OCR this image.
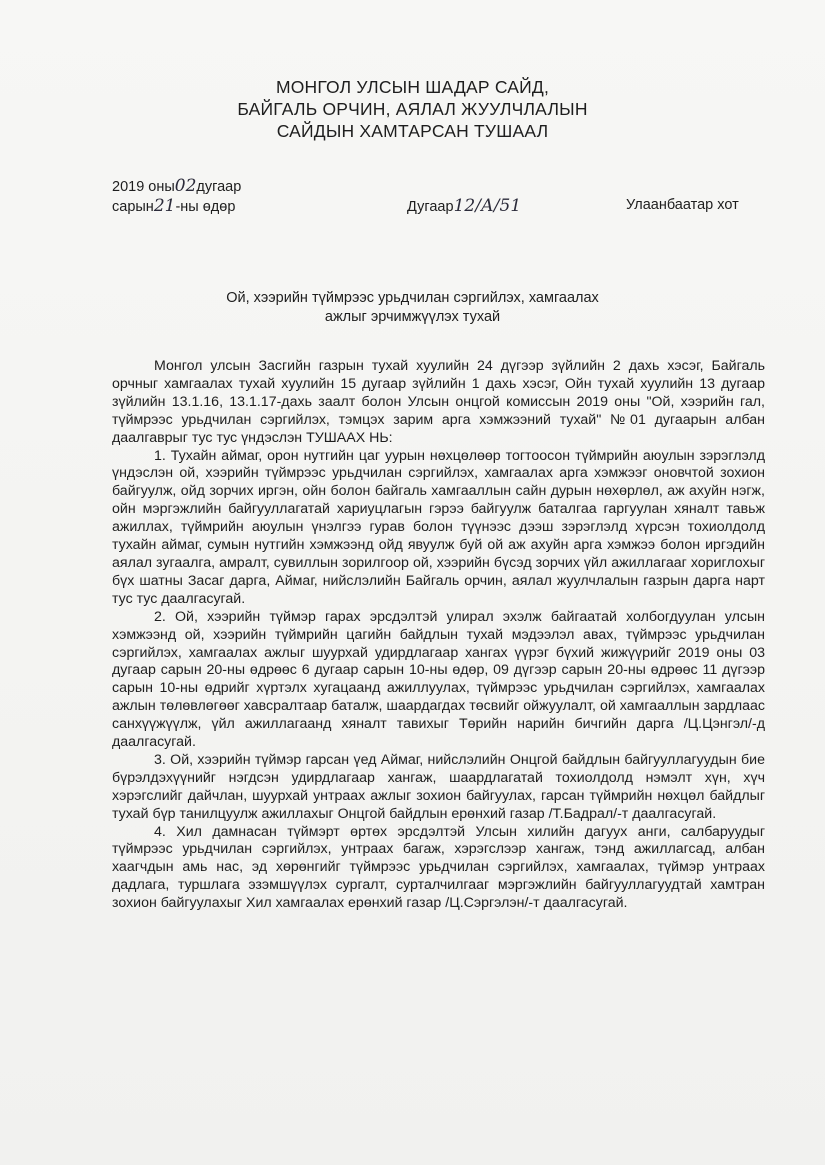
МОНГОЛ УЛСЫН ШАДАР САЙД,
БАЙГАЛЬ ОРЧИН, АЯЛАЛ ЖУУЛЧЛАЛЫН
САЙДЫН ХАМТАРСАН ТУШААЛ
2019 оны02дугаар
сарын21-ны өдөр	Дугаар12/А/51	Улаанбаатар хот
Ой, хээрийн түймрээс урьдчилан сэргийлэх, хамгаалах
ажлыг эрчимжүүлэх тухай

Монгол улсын Засгийн газрын тухай хуулийн 24 дүгээр зүйлийн 2 дахь хэсэг, Байгаль орчныг хамгаалах тухай хуулийн 15 дугаар зүйлийн 1 дахь хэсэг, Ойн тухай хуулийн 13 дугаар зүйлийн 13.1.16, 13.1.17-дахь заалт болон Улсын онцгой комиссын 2019 оны "Ой, хээрийн гал, түймрээс урьдчилан сэргийлэх, тэмцэх зарим арга хэмжээний тухай" №01 дугаарын албан даалгаврыг тус тус үндэслэн ТУШААХ НЬ:

1. Тухайн аймаг, орон нутгийн цаг уурын нөхцөлөөр тогтоосон түймрийн аюулын зэрэглэлд үндэслэн ой, хээрийн түймрээс урьдчилан сэргийлэх, хамгаалах арга хэмжээг оновчтой зохион байгуулж, ойд зорчих иргэн, ойн болон байгаль хамгааллын сайн дурын нөхөрлөл, аж ахуйн нэгж, ойн мэргэжлийн байгууллагатай хариуцлагын гэрээ байгуулж баталгаа гаргуулан хяналт тавьж ажиллах, түймрийн аюулын үнэлгээ гурав болон түүнээс дээш зэрэглэлд хүрсэн тохиолдолд тухайн аймаг, сумын нутгийн хэмжээнд ойд явуулж буй ой аж ахуйн арга хэмжээ болон иргэдийн аялал зугаалга, амралт, сувиллын зорилгоор ой, хээрийн бүсэд зорчих үйл ажиллагааг хориглохыг бүх шатны Засаг дарга, Аймаг, нийслэлийн Байгаль орчин, аялал жуулчлалын газрын дарга нарт тус тус даалгасугай.

2. Ой, хээрийн түймэр гарах эрсдэлтэй улирал эхэлж байгаатай холбогдуулан улсын хэмжээнд ой, хээрийн түймрийн цагийн байдлын тухай мэдээлэл авах, түймрээс урьдчилан сэргийлэх, хамгаалах ажлыг шуурхай удирдлагаар хангах үүрэг бүхий жижүүрийг 2019 оны 03 дугаар сарын 20-ны өдрөөс 6 дугаар сарын 10-ны өдөр, 09 дүгээр сарын 20-ны өдрөөс 11 дүгээр сарын 10-ны өдрийг хүртэлх хугацаанд ажиллуулах, түймрээс урьдчилан сэргийлэх, хамгаалах ажлын төлөвлөгөөг хавсралтаар баталж, шаардагдах төсвийг ойжуулалт, ой хамгааллын зардлаас санхүүжүүлж, үйл ажиллагаанд хяналт тавихыг Төрийн нарийн бичгийн дарга /Ц.Цэнгэл/-д даалгасугай.

3. Ой, хээрийн түймэр гарсан үед Аймаг, нийслэлийн Онцгой байдлын байгууллагуудын бие бүрэлдэхүүнийг нэгдсэн удирдлагаар хангаж, шаардлагатай тохиолдолд нэмэлт хүн, хүч хэрэгслийг дайчлан, шуурхай унтраах ажлыг зохион байгуулах, гарсан түймрийн нөхцөл байдлыг тухай бүр танилцуулж ажиллахыг Онцгой байдлын ерөнхий газар /Т.Бадрал/-т даалгасугай.

4. Хил дамнасан түймэрт өртөх эрсдэлтэй Улсын хилийн дагуух анги, салбаруудыг түймрээс урьдчилан сэргийлэх, унтраах багаж, хэрэгслээр хангаж, тэнд ажиллагсад, албан хаагчдын амь нас, эд хөрөнгийг түймрээс урьдчилан сэргийлэх, хамгаалах, түймэр унтраах дадлага, туршлага эзэмшүүлэх сургалт, сурталчилгааг мэргэжлийн байгууллагуудтай хамтран зохион байгуулахыг Хил хамгаалах ерөнхий газар /Ц.Сэргэлэн/-т даалгасугай.
